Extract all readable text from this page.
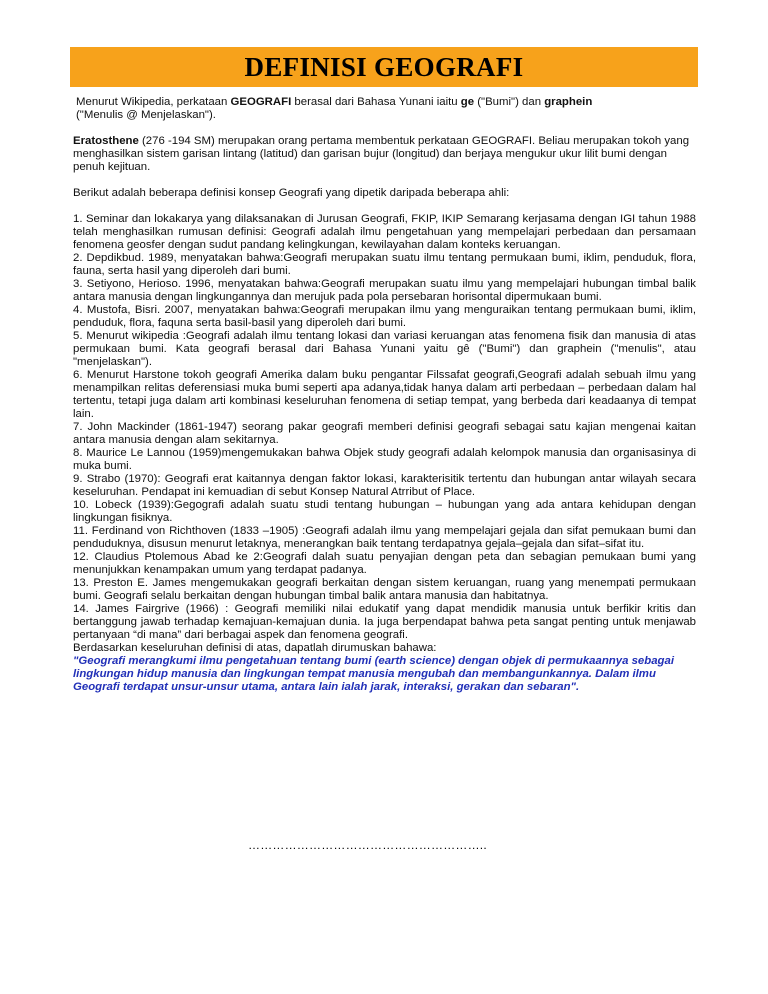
DEFINISI GEOGRAFI

Menurut Wikipedia, perkataan GEOGRAFI berasal dari Bahasa Yunani iaitu ge ("Bumi") dan graphein
("Menulis @ Menjelaskan").

Eratosthene (276 -194 SM) merupakan orang pertama membentuk perkataan GEOGRAFI. Beliau merupakan tokoh yang menghasilkan sistem garisan lintang (latitud) dan garisan bujur (longitud) dan berjaya mengukur ukur lilit bumi dengan penuh kejituan.

Berikut adalah beberapa definisi konsep Geografi yang dipetik daripada beberapa ahli:

1. Seminar dan lokakarya yang dilaksanakan di Jurusan Geografi, FKIP, IKIP Semarang kerjasama dengan IGI tahun 1988 telah menghasilkan rumusan definisi: Geografi adalah ilmu pengetahuan yang mempelajari perbedaan dan persamaan fenomena geosfer dengan sudut pandang kelingkungan, kewilayahan dalam konteks keruangan.

2. Depdikbud. 1989, menyatakan bahwa:Geografi merupakan suatu ilmu tentang permukaan bumi, iklim, penduduk, flora, fauna, serta hasil yang diperoleh dari bumi.

3. Setiyono, Herioso. 1996, menyatakan bahwa:Geografi merupakan suatu ilmu yang mempelajari hubungan timbal balik antara manusia dengan lingkungannya dan merujuk pada pola persebaran horisontal dipermukaan bumi.

4. Mustofa, Bisri. 2007, menyatakan bahwa:Geografi merupakan ilmu yang menguraikan tentang permukaan bumi, iklim, penduduk, flora, faquna serta basil-basil yang diperoleh dari bumi.

5. Menurut wikipedia :Geografi adalah ilmu tentang lokasi dan variasi keruangan atas fenomena fisik dan manusia di atas permukaan bumi. Kata geografi berasal dari Bahasa Yunani yaitu gê ("Bumi") dan graphein ("menulis", atau "menjelaskan").

6. Menurut Harstone tokoh geografi Amerika dalam buku pengantar Filssafat geografi,Geografi adalah sebuah ilmu yang menampilkan relitas deferensiasi muka bumi seperti apa adanya,tidak hanya dalam arti perbedaan – perbedaan dalam hal tertentu, tetapi juga dalam arti kombinasi keseluruhan fenomena di setiap tempat, yang berbeda dari keadaanya di tempat lain.

7. John Mackinder (1861-1947) seorang pakar geografi memberi definisi geografi sebagai satu kajian mengenai kaitan antara manusia dengan alam sekitarnya.

8. Maurice Le Lannou (1959)mengemukakan bahwa Objek study geografi adalah kelompok manusia dan organisasinya di muka bumi.

9. Strabo (1970): Geografi erat kaitannya dengan faktor lokasi, karakterisitik tertentu dan hubungan antar wilayah secara keseluruhan. Pendapat ini kemuadian di sebut Konsep Natural Atrribut of Place.

10. Lobeck (1939):Gegografi adalah suatu studi tentang hubungan – hubungan yang ada antara kehidupan dengan lingkungan fisiknya.

11. Ferdinand von Richthoven (1833 –1905) :Geografi adalah ilmu yang mempelajari gejala dan sifat pemukaan bumi dan penduduknya, disusun menurut letaknya, menerangkan baik tentang terdapatnya gejala–gejala dan sifat–sifat itu.

12. Claudius Ptolemous Abad ke 2:Geografi dalah suatu penyajian dengan peta dan sebagian pemukaan bumi yang menunjukkan kenampakan umum yang terdapat padanya.

13. Preston E. James mengemukakan geografi berkaitan dengan sistem keruangan, ruang yang menempati permukaan bumi. Geografi selalu berkaitan dengan hubungan timbal balik antara manusia dan habitatnya.

14. James Fairgrive (1966) : Geografi memiliki nilai edukatif yang dapat mendidik manusia untuk berfikir kritis dan bertanggung jawab terhadap kemajuan-kemajuan dunia. Ia juga berpendapat bahwa peta sangat penting untuk menjawab pertanyaan “di mana” dari berbagai aspek dan fenomena geografi.

Berdasarkan keseluruhan definisi di atas, dapatlah dirumuskan bahawa:

"Geografi merangkumi ilmu pengetahuan tentang bumi (earth science) dengan objek di permukaannya sebagai lingkungan hidup manusia dan lingkungan tempat manusia mengubah dan membangunkannya. Dalam ilmu Geografi terdapat unsur-unsur utama, antara lain ialah jarak, interaksi, gerakan dan sebaran".

…………………………………………………..
